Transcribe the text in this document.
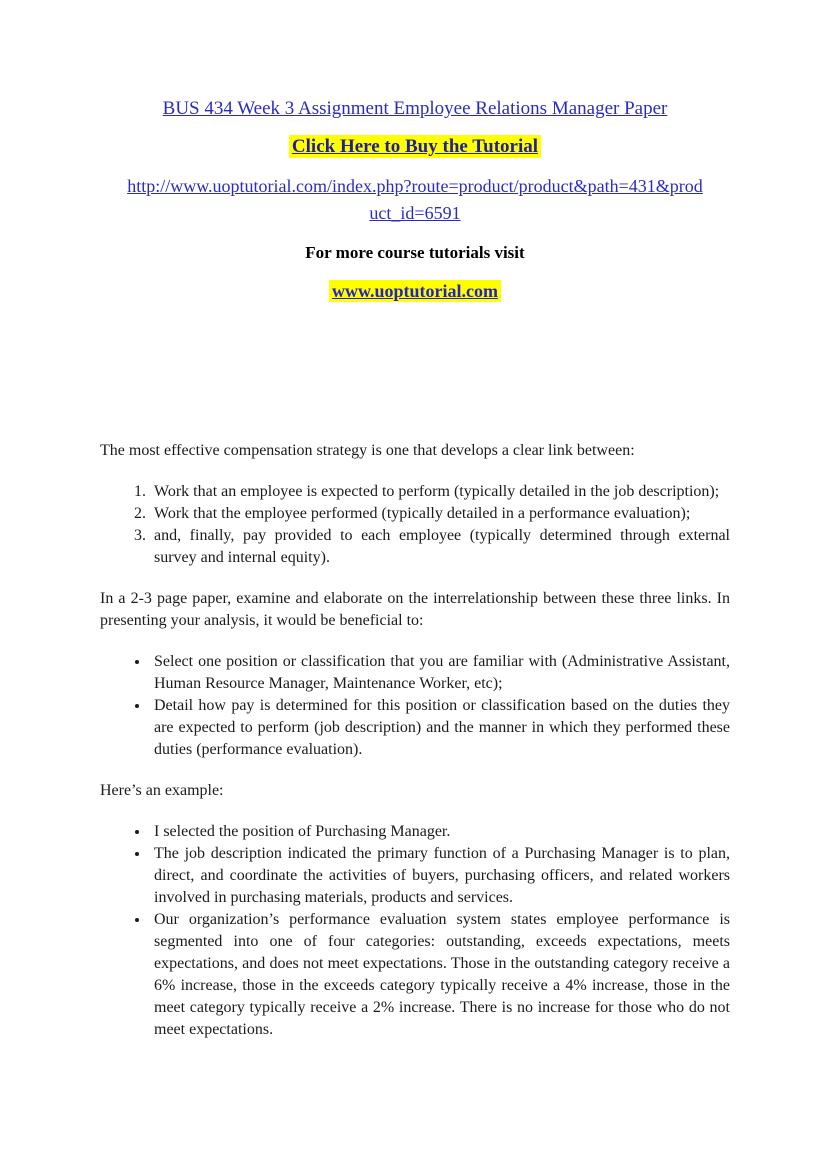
BUS 434 Week 3 Assignment Employee Relations Manager Paper
Click Here to Buy the Tutorial
http://www.uoptutorial.com/index.php?route=product/product&path=431&prod
uct_id=6591
For more course tutorials visit
www.uoptutorial.com

The most effective compensation strategy is one that develops a clear link between:

1. Work that an employee is expected to perform (typically detailed in the job description);
2. Work that the employee performed (typically detailed in a performance evaluation);
3. and, finally, pay provided to each employee (typically determined through external survey and internal equity).

In a 2-3 page paper, examine and elaborate on the interrelationship between these three links. In presenting your analysis, it would be beneficial to:

• Select one position or classification that you are familiar with (Administrative Assistant, Human Resource Manager, Maintenance Worker, etc);
• Detail how pay is determined for this position or classification based on the duties they are expected to perform (job description) and the manner in which they performed these duties (performance evaluation).

Here’s an example:

• I selected the position of Purchasing Manager.
• The job description indicated the primary function of a Purchasing Manager is to plan, direct, and coordinate the activities of buyers, purchasing officers, and related workers involved in purchasing materials, products and services.
• Our organization’s performance evaluation system states employee performance is segmented into one of four categories: outstanding, exceeds expectations, meets expectations, and does not meet expectations. Those in the outstanding category receive a 6% increase, those in the exceeds category typically receive a 4% increase, those in the meet category typically receive a 2% increase. There is no increase for those who do not meet expectations.
